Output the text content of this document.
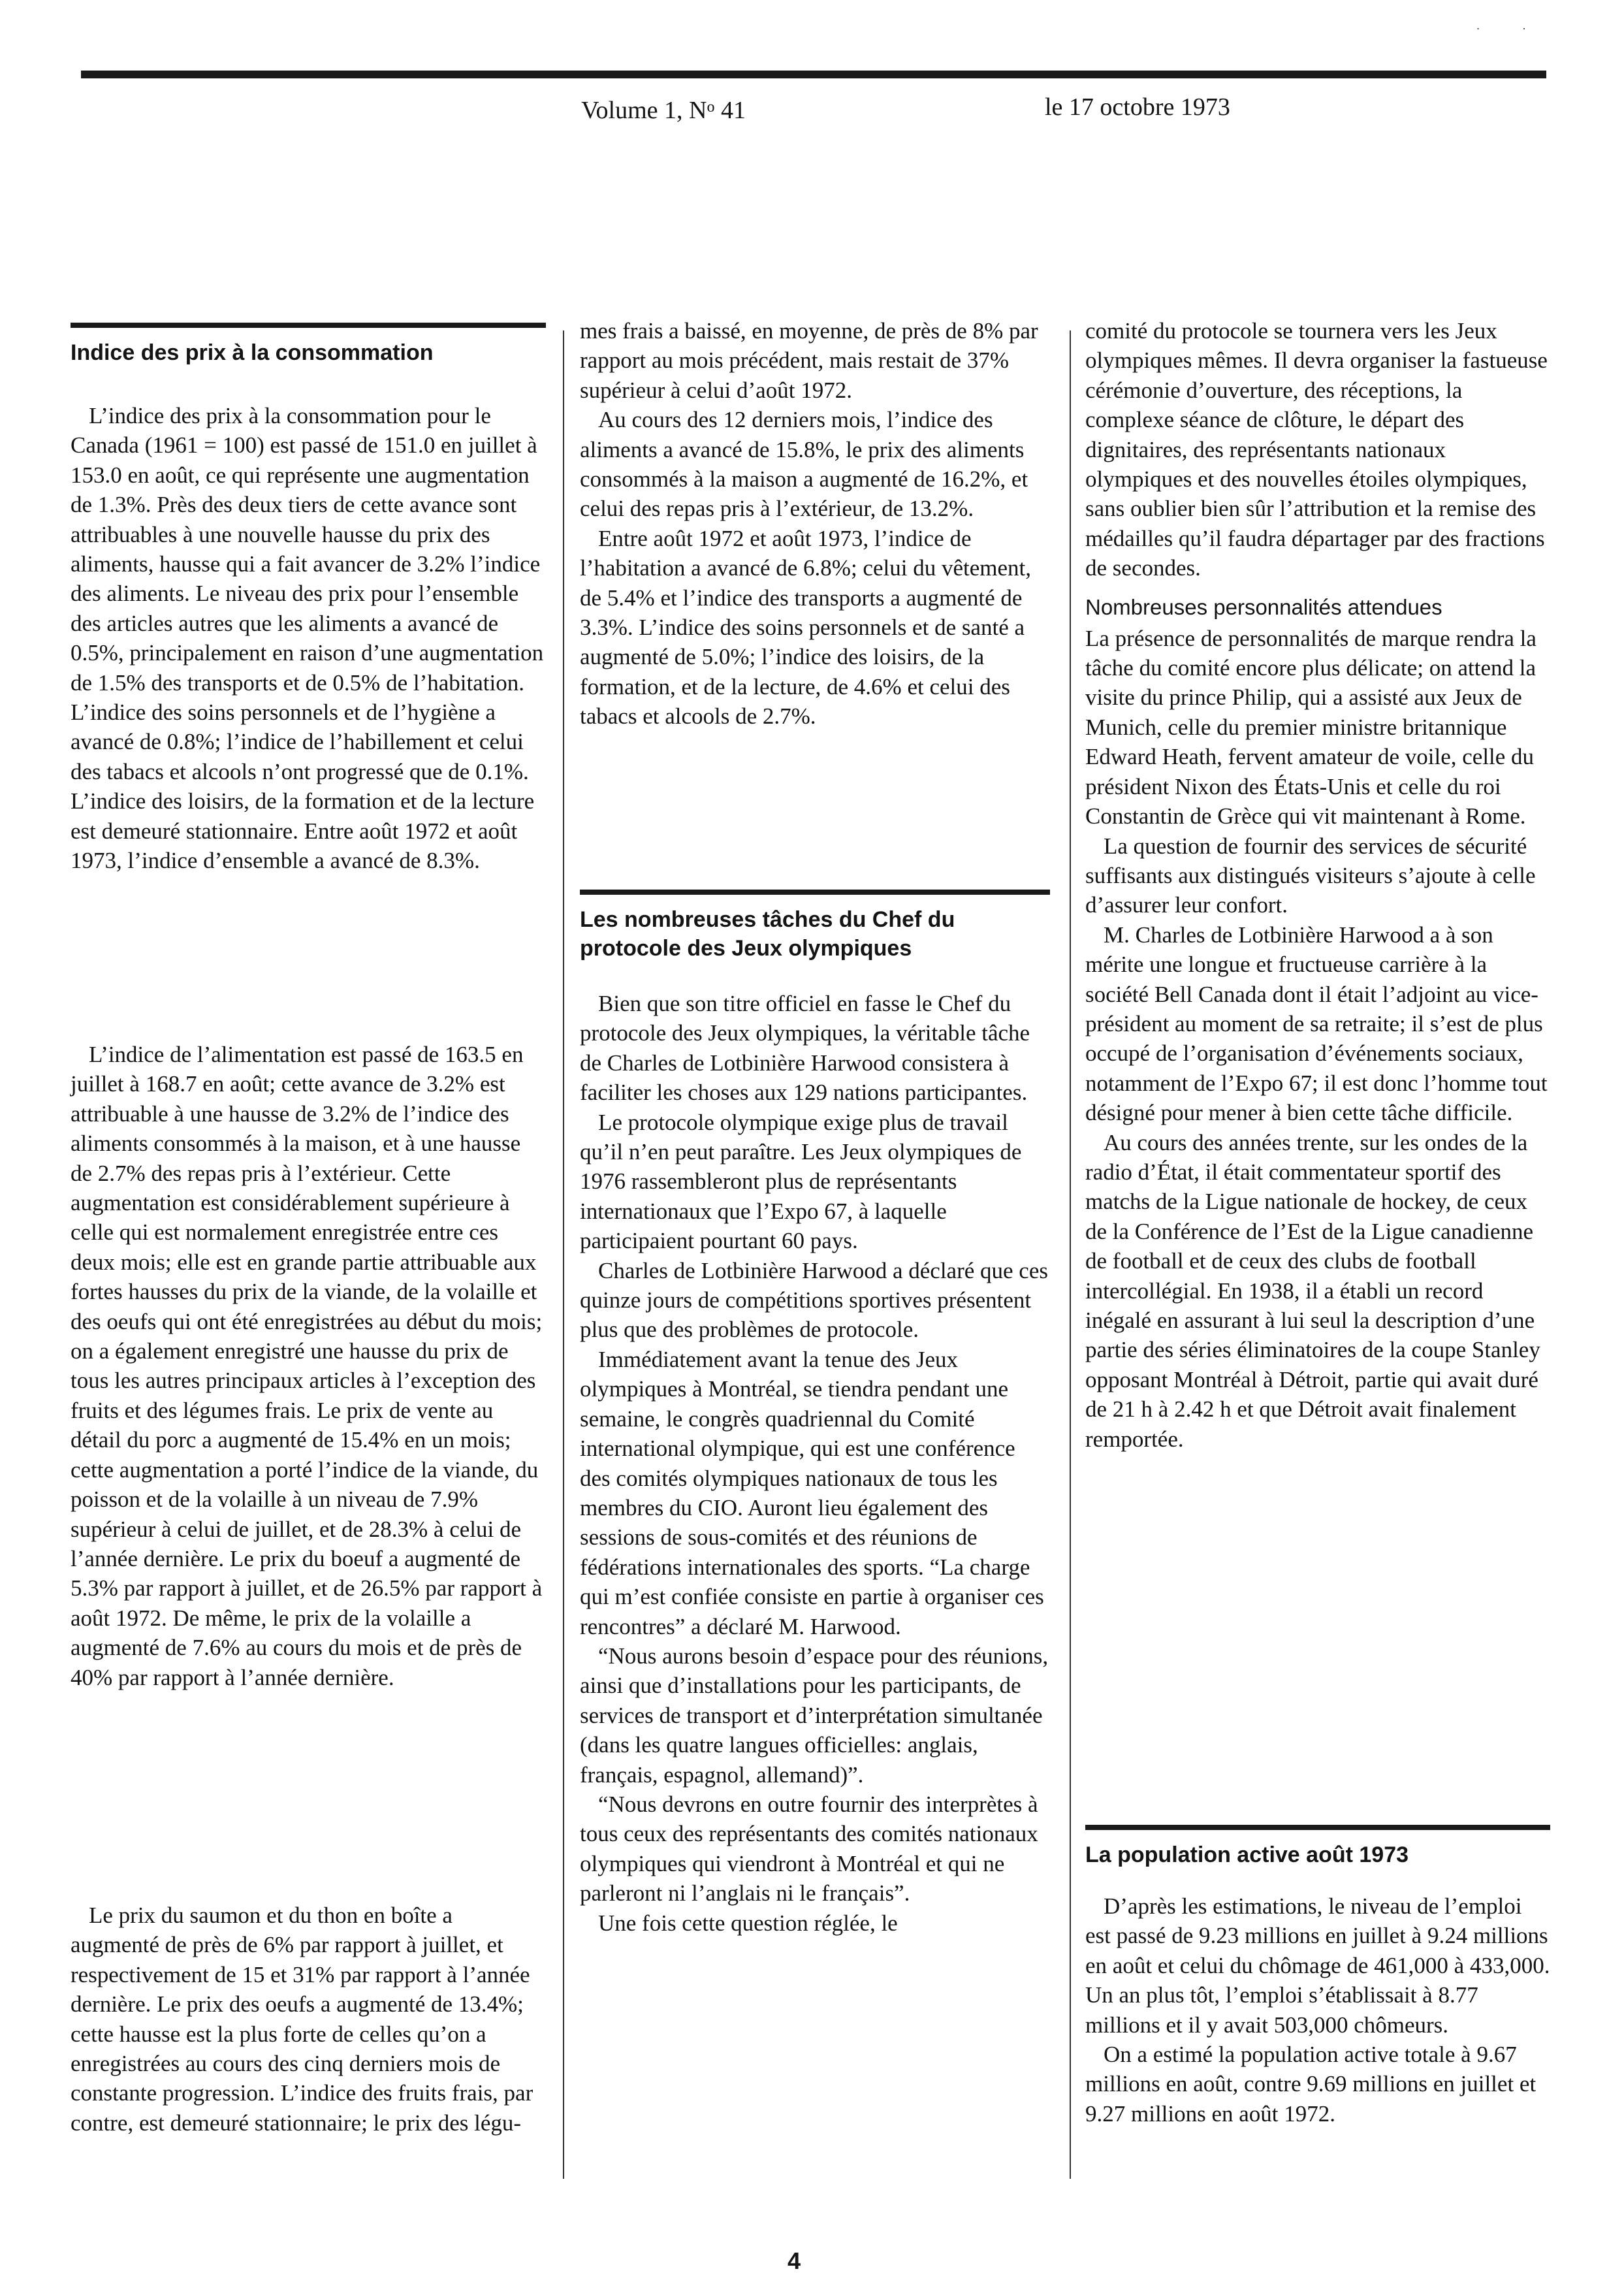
· ·
Volume 1, $N^o$ 41	le 17 octobre 1973
Indice des prix à la consommation

L’indice des prix à la consommation pour le Canada (1961 = 100) est passé de 151.0 en juillet à 153.0 en août, ce qui représente une augmentation de 1.3%. Près des deux tiers de cette avance sont attribuables à une nouvelle hausse du prix des aliments, hausse qui a fait avancer de 3.2% l’indice des aliments. Le niveau des prix pour l’ensemble des articles autres que les aliments a avancé de 0.5%, principalement en raison d’une augmentation de 1.5% des transports et de 0.5% de l’habitation. L’indice des soins personnels et de l’hygiène a avancé de 0.8%; l’indice de l’habillement et celui des tabacs et alcools n’ont progressé que de 0.1%. L’indice des loisirs, de la formation et de la lecture est demeuré stationnaire. Entre août 1972 et août 1973, l’indice d’ensemble a avancé de 8.3%.

L’indice de l’alimentation est passé de 163.5 en juillet à 168.7 en août; cette avance de 3.2% est attribuable à une hausse de 3.2% de l’indice des aliments consommés à la maison, et à une hausse de 2.7% des repas pris à l’extérieur. Cette augmentation est considérablement supérieure à celle qui est normalement enregistrée entre ces deux mois; elle est en grande partie attribuable aux fortes hausses du prix de la viande, de la volaille et des oeufs qui ont été enregistrées au début du mois; on a également enregistré une hausse du prix de tous les autres principaux articles à l’exception des fruits et des légumes frais. Le prix de vente au détail du porc a augmenté de 15.4% en un mois; cette augmentation a porté l’indice de la viande, du poisson et de la volaille à un niveau de 7.9% supérieur à celui de juillet, et de 28.3% à celui de l’année dernière. Le prix du boeuf a augmenté de 5.3% par rapport à juillet, et de 26.5% par rapport à août 1972. De même, le prix de la volaille a augmenté de 7.6% au cours du mois et de près de 40% par rapport à l’année dernière.

Le prix du saumon et du thon en boîte a augmenté de près de 6% par rapport à juillet, et respectivement de 15 et 31% par rapport à l’année dernière. Le prix des oeufs a augmenté de 13.4%; cette hausse est la plus forte de celles qu’on a enregistrées au cours des cinq derniers mois de constante progression. L’indice des fruits frais, par contre, est demeuré stationnaire; le prix des légu-

mes frais a baissé, en moyenne, de près de 8% par rapport au mois précédent, mais restait de 37% supérieur à celui d’août 1972.

Au cours des 12 derniers mois, l’indice des aliments a avancé de 15.8%, le prix des aliments consommés à la maison a augmenté de 16.2%, et celui des repas pris à l’extérieur, de 13.2%.

Entre août 1972 et août 1973, l’indice de l’habitation a avancé de 6.8%; celui du vêtement, de 5.4% et l’indice des transports a augmenté de 3.3%. L’indice des soins personnels et de santé a augmenté de 5.0%; l’indice des loisirs, de la formation, et de la lecture, de 4.6% et celui des tabacs et alcools de 2.7%.

Les nombreuses tâches du Chef du protocole des Jeux olympiques

Bien que son titre officiel en fasse le Chef du protocole des Jeux olympiques, la véritable tâche de Charles de Lotbinière Harwood consistera à faciliter les choses aux 129 nations participantes.

Le protocole olympique exige plus de travail qu’il n’en peut paraître. Les Jeux olympiques de 1976 rassembleront plus de représentants internationaux que l’Expo 67, à laquelle participaient pourtant 60 pays.

Charles de Lotbinière Harwood a déclaré que ces quinze jours de compétitions sportives présentent plus que des problèmes de protocole.

Immédiatement avant la tenue des Jeux olympiques à Montréal, se tiendra pendant une semaine, le congrès quadriennal du Comité international olympique, qui est une conférence des comités olympiques nationaux de tous les membres du CIO. Auront lieu également des sessions de sous-comités et des réunions de fédérations internationales des sports. “La charge qui m’est confiée consiste en partie à organiser ces rencontres” a déclaré M. Harwood.

“Nous aurons besoin d’espace pour des réunions, ainsi que d’installations pour les participants, de services de transport et d’interprétation simultanée (dans les quatre langues officielles: anglais, français, espagnol, allemand)”.

“Nous devrons en outre fournir des interprètes à tous ceux des représentants des comités nationaux olympiques qui viendront à Montréal et qui ne parleront ni l’anglais ni le français”.

Une fois cette question réglée, le

comité du protocole se tournera vers les Jeux olympiques mêmes. Il devra organiser la fastueuse cérémonie d’ouverture, des réceptions, la complexe séance de clôture, le départ des dignitaires, des représentants nationaux olympiques et des nouvelles étoiles olympiques, sans oublier bien sûr l’attribution et la remise des médailles qu’il faudra départager par des fractions de secondes.

Nombreuses personnalités attendues

La présence de personnalités de marque rendra la tâche du comité encore plus délicate; on attend la visite du prince Philip, qui a assisté aux Jeux de Munich, celle du premier ministre britannique Edward Heath, fervent amateur de voile, celle du président Nixon des États-Unis et celle du roi Constantin de Grèce qui vit maintenant à Rome.

La question de fournir des services de sécurité suffisants aux distingués visiteurs s’ajoute à celle d’assurer leur confort.

M. Charles de Lotbinière Harwood a à son mérite une longue et fructueuse carrière à la société Bell Canada dont il était l’adjoint au vice-président au moment de sa retraite; il s’est de plus occupé de l’organisation d’événements sociaux, notamment de l’Expo 67; il est donc l’homme tout désigné pour mener à bien cette tâche difficile.

Au cours des années trente, sur les ondes de la radio d’État, il était commentateur sportif des matchs de la Ligue nationale de hockey, de ceux de la Conférence de l’Est de la Ligue canadienne de football et de ceux des clubs de football intercollégial. En 1938, il a établi un record inégalé en assurant à lui seul la description d’une partie des séries éliminatoires de la coupe Stanley opposant Montréal à Détroit, partie qui avait duré de 21 h à 2.42 h et que Détroit avait finalement remportée.

La population active août 1973

D’après les estimations, le niveau de l’emploi est passé de 9.23 millions en juillet à 9.24 millions en août et celui du chômage de 461,000 à 433,000. Un an plus tôt, l’emploi s’établissait à 8.77 millions et il y avait 503,000 chômeurs.

On a estimé la population active totale à 9.67 millions en août, contre 9.69 millions en juillet et 9.27 millions en août 1972.

4
